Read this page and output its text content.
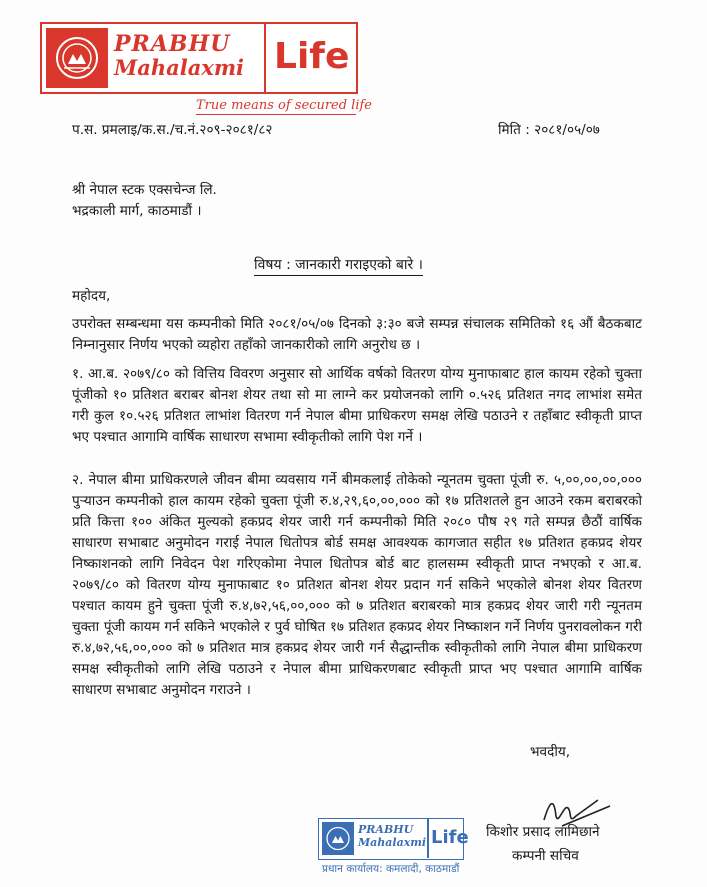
PRABHU
Mahalaxmi Life
True means of secured life
प.स. प्रमलाइ/क.स./च.नं.२०९-२०८१/८२	मिति : २०८१/०५/०७
श्री नेपाल स्टक एक्सचेन्ज लि.
भद्रकाली मार्ग, काठमाडौं ।
विषय : जानकारी गराइएको बारे ।
महोदय,
उपरोक्त सम्बन्धमा यस कम्पनीको मिति २०८१/०५/०७ दिनको ३:३० बजे सम्पन्न संचालक समितिको १६ औं बैठकबाट निम्नानुसार निर्णय भएको व्यहोरा तहाँको जानकारीको लागि अनुरोध छ ।
१. आ.ब. २०७९/८० को वित्तिय विवरण अनुसार सो आर्थिक वर्षको वितरण योग्य मुनाफाबाट हाल कायम रहेको चुक्ता पूंजीको १० प्रतिशत बराबर बोनश शेयर तथा सो मा लाग्ने कर प्रयोजनको लागि ०.५२६ प्रतिशत नगद लाभांश समेत गरी कुल १०.५२६ प्रतिशत लाभांश वितरण गर्न नेपाल बीमा प्राधिकरण समक्ष लेखि पठाउने र तहाँबाट स्वीकृती प्राप्त भए पश्चात आगामि वार्षिक साधारण सभामा स्वीकृतीको लागि पेश गर्ने ।
२. नेपाल बीमा प्राधिकरणले जीवन बीमा व्यवसाय गर्ने बीमकलाई तोकेको न्यूनतम चुक्ता पूंजी रु. ५,००,००,००,००० पुऱ्याउन कम्पनीको हाल कायम रहेको चुक्ता पूंजी रु.४,२९,६०,००,००० को १७ प्रतिशतले हुन आउने रकम बराबरको प्रति कित्ता १०० अंकित मुल्यको हकप्रद शेयर जारी गर्न कम्पनीको मिति २०८० पौष २९ गते सम्पन्न छैठौं वार्षिक साधारण सभाबाट अनुमोदन गराई नेपाल धितोपत्र बोर्ड समक्ष आवश्यक कागजात सहीत १७ प्रतिशत हकप्रद शेयर निष्काशनको लागि निवेदन पेश गरिएकोमा नेपाल धितोपत्र बोर्ड बाट हालसम्म स्वीकृती प्राप्त नभएको र आ.ब. २०७९/८० को वितरण योग्य मुनाफाबाट १० प्रतिशत बोनश शेयर प्रदान गर्न सकिने भएकोले बोनश शेयर वितरण पश्चात कायम हुने चुक्ता पूंजी रु.४,७२,५६,००,००० को ७ प्रतिशत बराबरको मात्र हकप्रद शेयर जारी गरी न्यूनतम चुक्ता पूंजी कायम गर्न सकिने भएकोले र पुर्व घोषित १७ प्रतिशत हकप्रद शेयर निष्काशन गर्ने निर्णय पुनरावलोकन गरी रु.४,७२,५६,००,००० को ७ प्रतिशत मात्र हकप्रद शेयर जारी गर्न सैद्धान्तीक स्वीकृतीको लागि नेपाल बीमा प्राधिकरण समक्ष स्वीकृतीको लागि लेखि पठाउने र नेपाल बीमा प्राधिकरणबाट स्वीकृती प्राप्त भए पश्चात आगामि वार्षिक साधारण सभाबाट अनुमोदन गराउने ।
भवदीय,
किशोर प्रसाद लामिछाने
कम्पनी सचिव
PRABHU
Mahalaxmi Life
प्रधान कार्यालय: कमलादी, काठमाडौं
